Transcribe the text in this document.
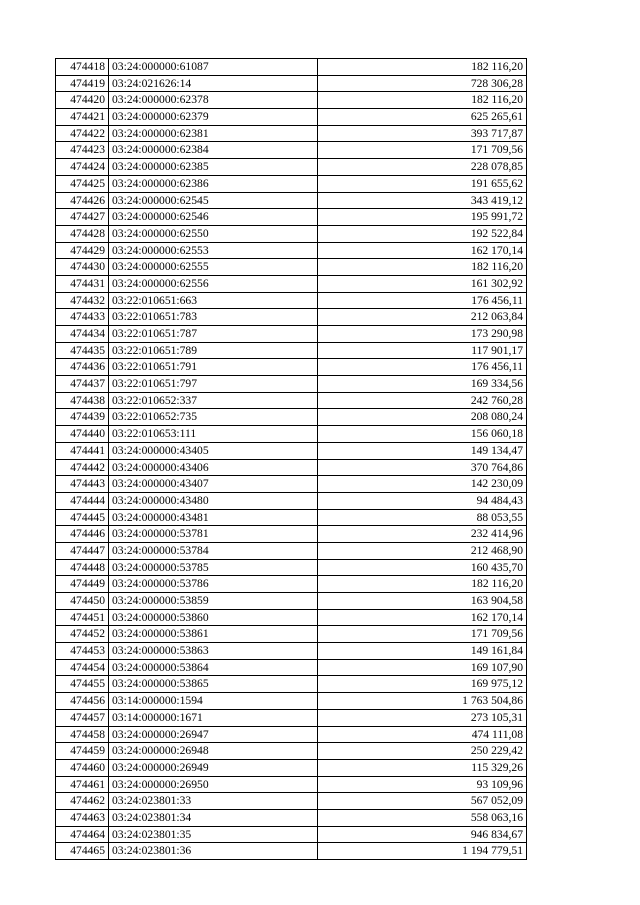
474418	03:24:000000:61087	182 116,20
474419	03:24:021626:14	728 306,28
474420	03:24:000000:62378	182 116,20
474421	03:24:000000:62379	625 265,61
474422	03:24:000000:62381	393 717,87
474423	03:24:000000:62384	171 709,56
474424	03:24:000000:62385	228 078,85
474425	03:24:000000:62386	191 655,62
474426	03:24:000000:62545	343 419,12
474427	03:24:000000:62546	195 991,72
474428	03:24:000000:62550	192 522,84
474429	03:24:000000:62553	162 170,14
474430	03:24:000000:62555	182 116,20
474431	03:24:000000:62556	161 302,92
474432	03:22:010651:663	176 456,11
474433	03:22:010651:783	212 063,84
474434	03:22:010651:787	173 290,98
474435	03:22:010651:789	117 901,17
474436	03:22:010651:791	176 456,11
474437	03:22:010651:797	169 334,56
474438	03:22:010652:337	242 760,28
474439	03:22:010652:735	208 080,24
474440	03:22:010653:111	156 060,18
474441	03:24:000000:43405	149 134,47
474442	03:24:000000:43406	370 764,86
474443	03:24:000000:43407	142 230,09
474444	03:24:000000:43480	94 484,43
474445	03:24:000000:43481	88 053,55
474446	03:24:000000:53781	232 414,96
474447	03:24:000000:53784	212 468,90
474448	03:24:000000:53785	160 435,70
474449	03:24:000000:53786	182 116,20
474450	03:24:000000:53859	163 904,58
474451	03:24:000000:53860	162 170,14
474452	03:24:000000:53861	171 709,56
474453	03:24:000000:53863	149 161,84
474454	03:24:000000:53864	169 107,90
474455	03:24:000000:53865	169 975,12
474456	03:14:000000:1594	1 763 504,86
474457	03:14:000000:1671	273 105,31
474458	03:24:000000:26947	474 111,08
474459	03:24:000000:26948	250 229,42
474460	03:24:000000:26949	115 329,26
474461	03:24:000000:26950	93 109,96
474462	03:24:023801:33	567 052,09
474463	03:24:023801:34	558 063,16
474464	03:24:023801:35	946 834,67
474465	03:24:023801:36	1 194 779,51
